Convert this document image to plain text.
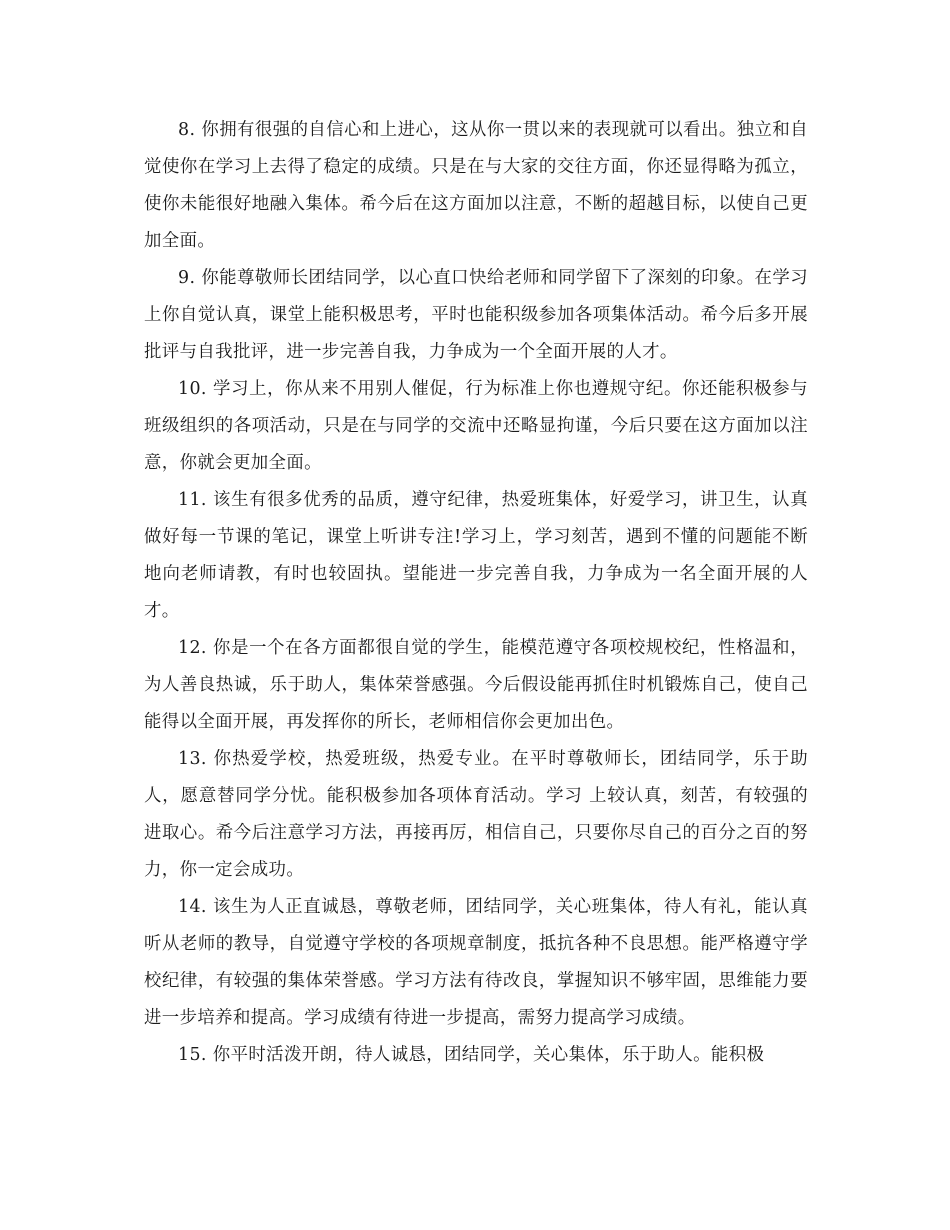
8. 你拥有很强的自信心和上进心，这从你一贯以来的表现就可以看出。独立和自觉使你在学习上去得了稳定的成绩。只是在与大家的交往方面，你还显得略为孤立，使你未能很好地融入集体。希今后在这方面加以注意，不断的超越目标，以使自己更加全面。

9. 你能尊敬师长团结同学，以心直口快给老师和同学留下了深刻的印象。在学习上你自觉认真，课堂上能积极思考，平时也能积级参加各项集体活动。希今后多开展批评与自我批评，进一步完善自我，力争成为一个全面开展的人才。

10. 学习上，你从来不用别人催促，行为标准上你也遵规守纪。你还能积极参与班级组织的各项活动，只是在与同学的交流中还略显拘谨，今后只要在这方面加以注意，你就会更加全面。

11. 该生有很多优秀的品质，遵守纪律，热爱班集体，好爱学习，讲卫生，认真做好每一节课的笔记，课堂上听讲专注!学习上，学习刻苦，遇到不懂的问题能不断地向老师请教，有时也较固执。望能进一步完善自我，力争成为一名全面开展的人才。

12. 你是一个在各方面都很自觉的学生，能模范遵守各项校规校纪，性格温和，为人善良热诚，乐于助人，集体荣誉感强。今后假设能再抓住时机锻炼自己，使自己能得以全面开展，再发挥你的所长，老师相信你会更加出色。

13. 你热爱学校，热爱班级，热爱专业。在平时尊敬师长，团结同学，乐于助人，愿意替同学分忧。能积极参加各项体育活动。学习 上较认真，刻苦，有较强的进取心。希今后注意学习方法，再接再厉，相信自己，只要你尽自己的百分之百的努力，你一定会成功。

14. 该生为人正直诚恳，尊敬老师，团结同学，关心班集体，待人有礼，能认真听从老师的教导，自觉遵守学校的各项规章制度，抵抗各种不良思想。能严格遵守学校纪律，有较强的集体荣誉感。学习方法有待改良，掌握知识不够牢固，思维能力要进一步培养和提高。学习成绩有待进一步提高，需努力提高学习成绩。

15. 你平时活泼开朗，待人诚恳，团结同学，关心集体，乐于助人。能积极
